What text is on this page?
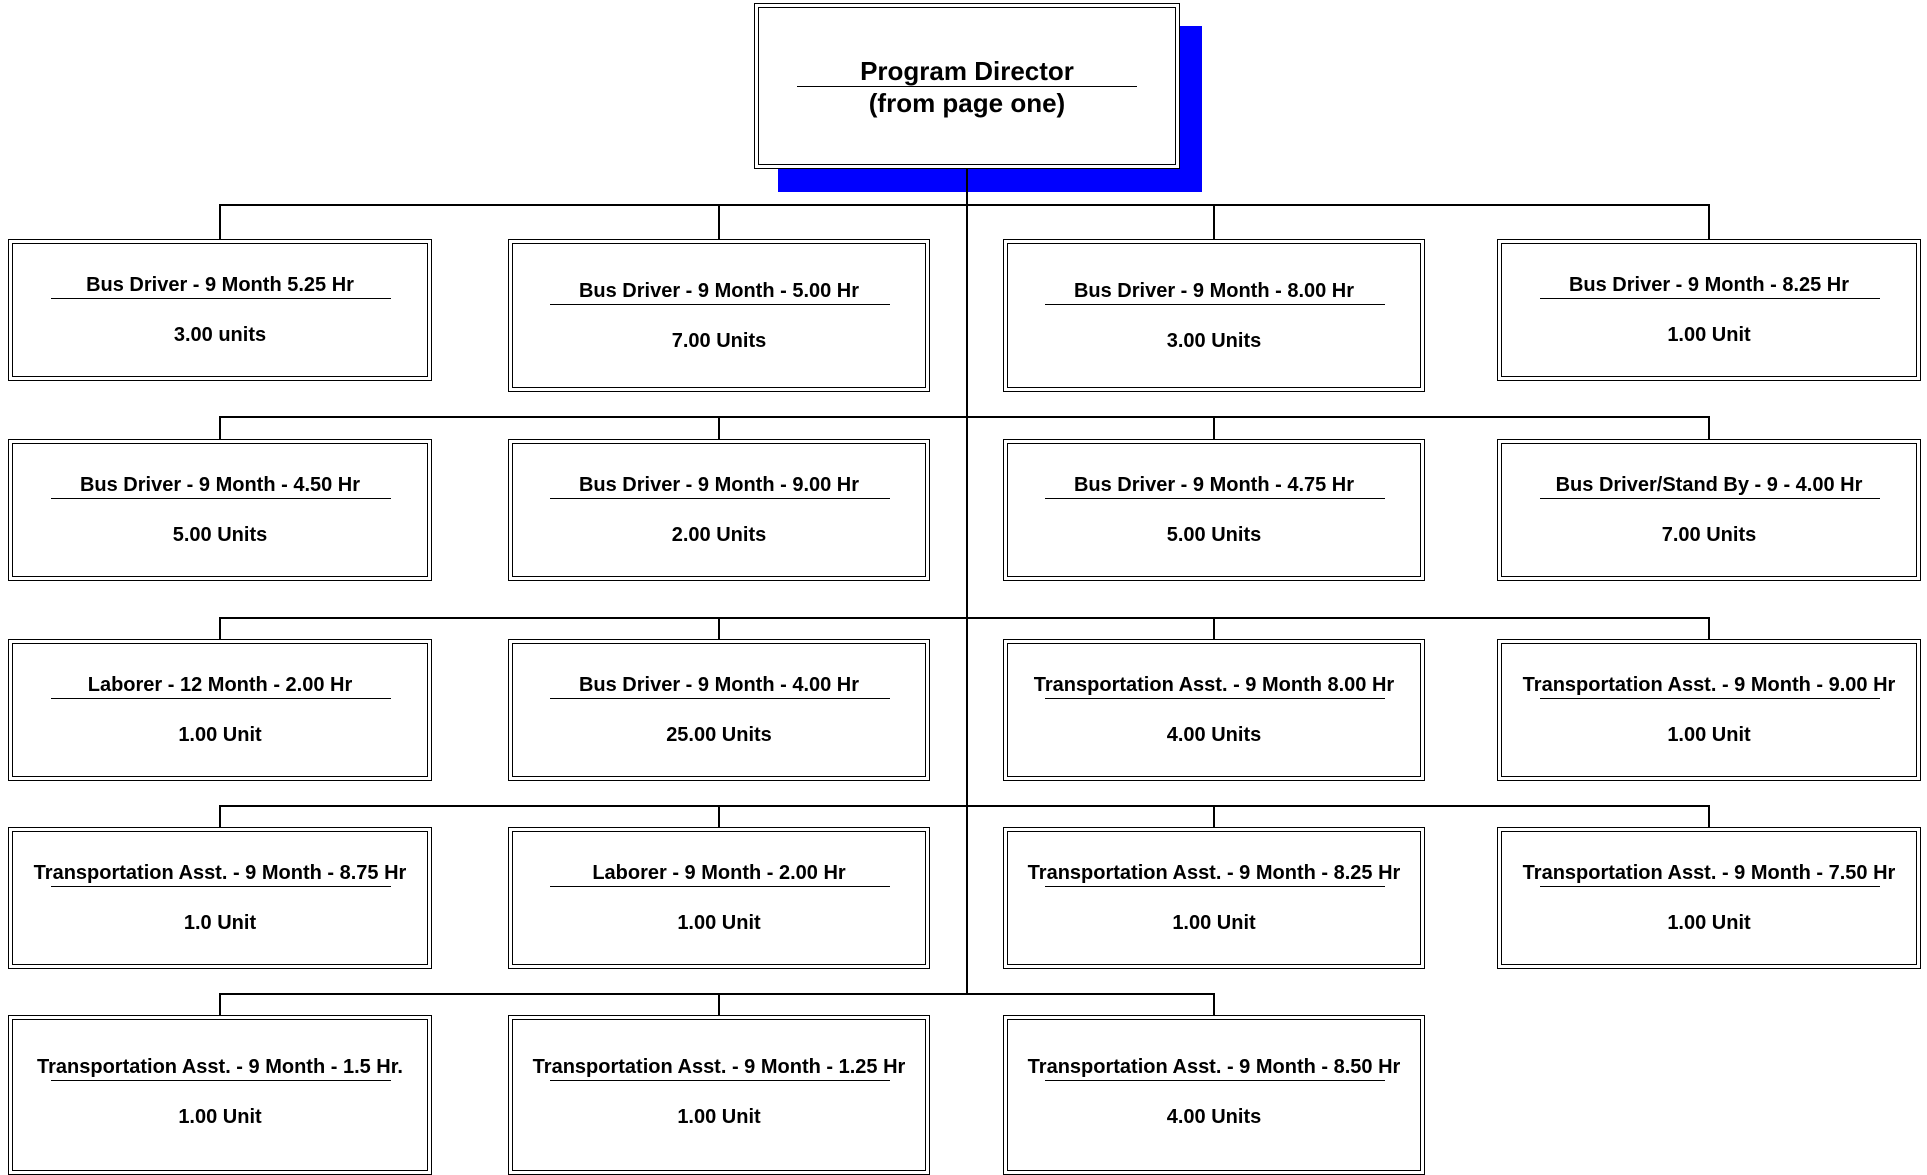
Program Director
(from page one)
Bus Driver - 9 Month 5.25 Hr
3.00 units
Bus Driver - 9 Month - 5.00 Hr
7.00 Units
Bus Driver - 9 Month - 8.00 Hr
3.00 Units
Bus Driver - 9 Month - 8.25 Hr
1.00 Unit
Bus Driver - 9 Month - 4.50 Hr
5.00 Units
Bus Driver - 9 Month - 9.00 Hr
2.00 Units
Bus Driver - 9 Month - 4.75 Hr
5.00 Units
Bus Driver/Stand By - 9 - 4.00 Hr
7.00 Units
Laborer - 12 Month - 2.00 Hr
1.00 Unit
Bus Driver - 9 Month - 4.00 Hr
25.00 Units
Transportation Asst. - 9 Month 8.00 Hr
4.00 Units
Transportation Asst. - 9 Month - 9.00 Hr
1.00 Unit
Transportation Asst. - 9 Month - 8.75 Hr
1.0 Unit
Laborer - 9 Month - 2.00 Hr
1.00 Unit
Transportation Asst. - 9 Month - 8.25 Hr
1.00 Unit
Transportation Asst. - 9 Month - 7.50 Hr
1.00 Unit
Transportation Asst. - 9 Month - 1.5 Hr.
1.00 Unit
Transportation Asst. - 9 Month - 1.25 Hr
1.00 Unit
Transportation Asst. - 9 Month - 8.50 Hr
4.00 Units
